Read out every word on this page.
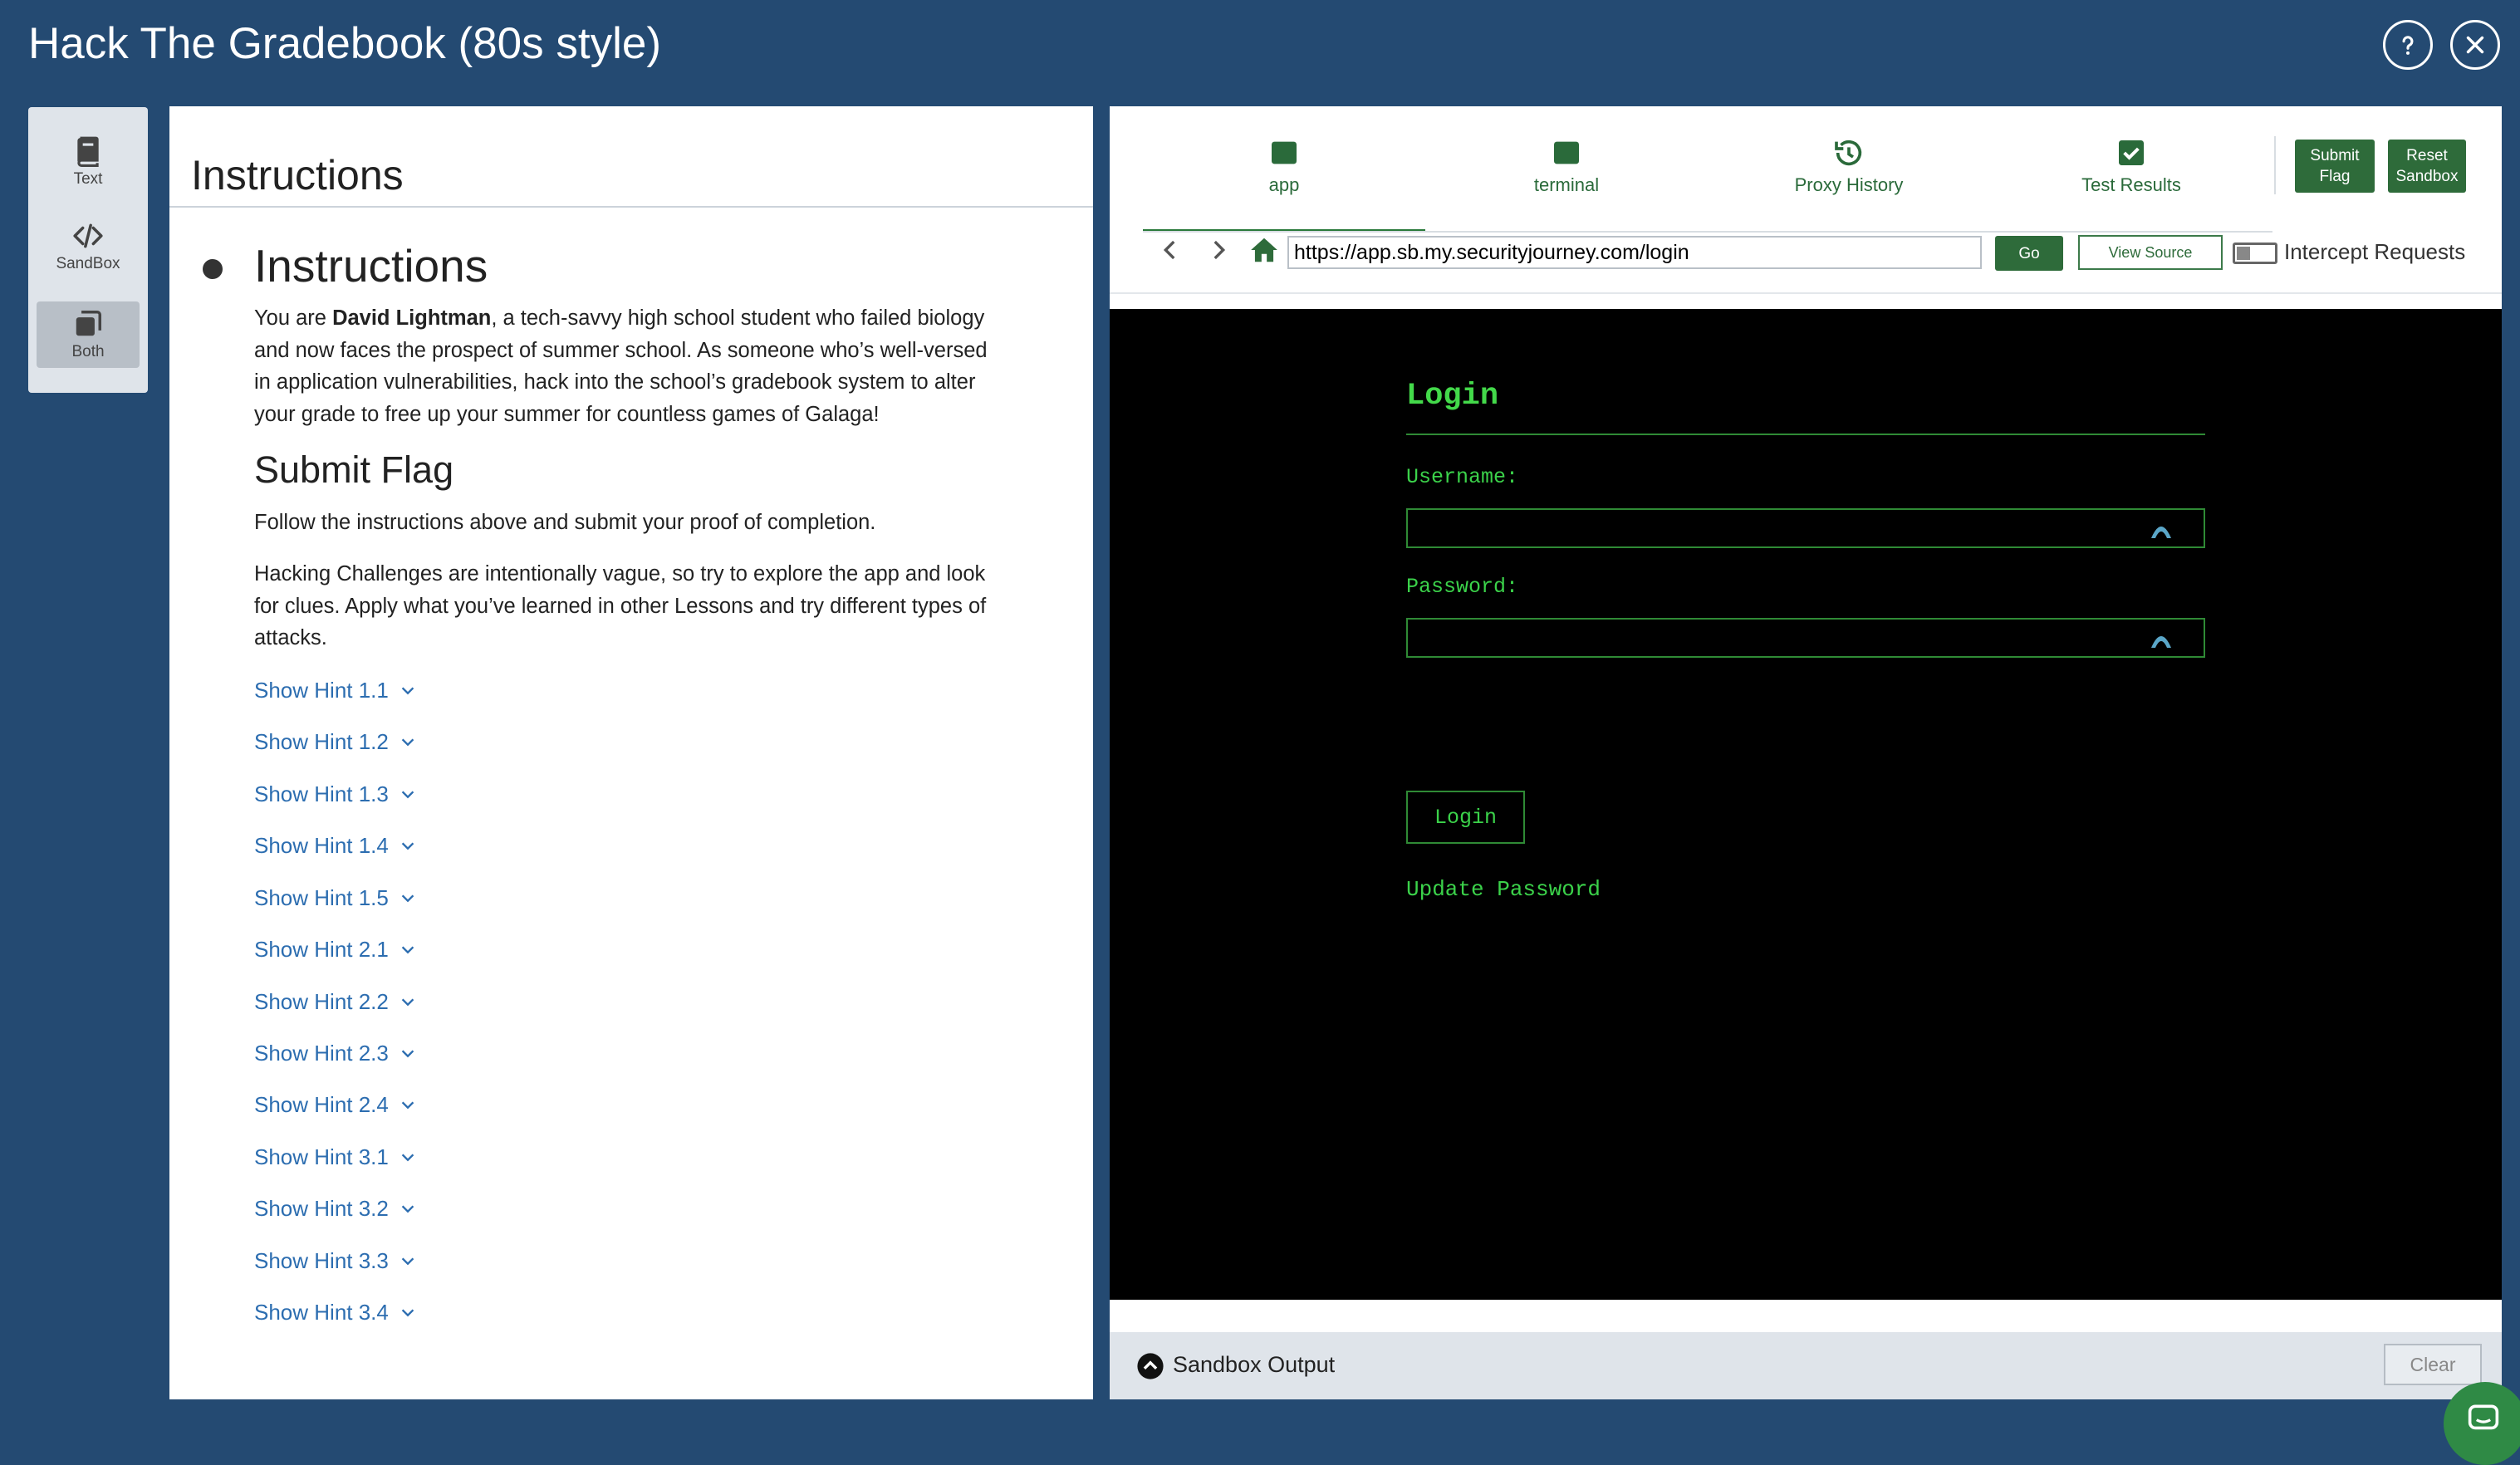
Hack The Gradebook (80s style)
Text
SandBox
Both
Instructions
Instructions
You are David Lightman, a tech-savvy high school student who failed biology and now faces the prospect of summer school. As someone who’s well-versed in application vulnerabilities, hack into the school’s gradebook system to alter your grade to free up your summer for countless games of Galaga!
Submit Flag
Follow the instructions above and submit your proof of completion.
Hacking Challenges are intentionally vague, so try to explore the app and look for clues. Apply what you’ve learned in other Lessons and try different types of attacks.
Show Hint 1.1
Show Hint 1.2
Show Hint 1.3
Show Hint 1.4
Show Hint 1.5
Show Hint 2.1
Show Hint 2.2
Show Hint 2.3
Show Hint 2.4
Show Hint 3.1
Show Hint 3.2
Show Hint 3.3
Show Hint 3.4
app	terminal	Proxy History	Test Results
Submit
Flag
Reset
Sandbox
https://app.sb.my.securityjourney.com/login
Go	View Source	Intercept Requests
Login
Username:
Password:
Login
Update Password
Sandbox Output	Clear
